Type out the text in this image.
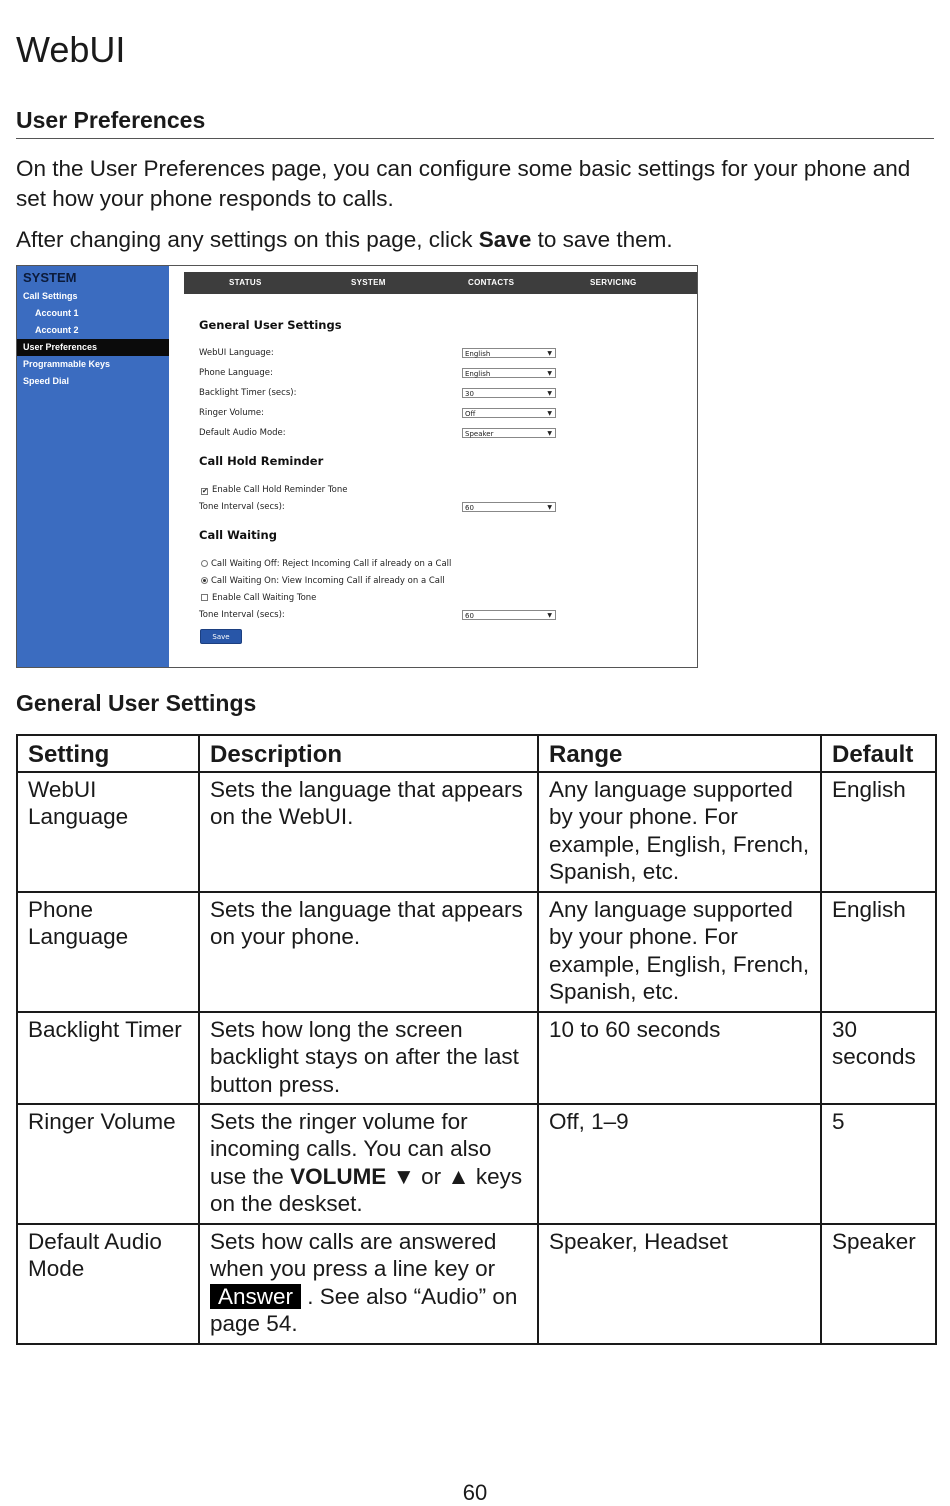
WebUI
User Preferences

On the User Preferences page, you can configure some basic settings for your phone and set how your phone responds to calls.

After changing any settings on this page, click Save to save them.

SYSTEM
Call Settings
Account 1
Account 2
User Preferences
Programmable Keys
Speed Dial
STATUS	SYSTEM	CONTACTS	SERVICING
General User Settings
WebUI Language:	English	▼
Phone Language:	English	▼
Backlight Timer (secs):	30	▼
Ringer Volume:	Off	▼
Default Audio Mode:	Speaker	▼
Call Hold Reminder
✔ Enable Call Hold Reminder Tone
Tone Interval (secs):	60	▼
Call Waiting
Call Waiting Off: Reject Incoming Call if already on a Call
Call Waiting On: View Incoming Call if already on a Call
Enable Call Waiting Tone
Tone Interval (secs):	60	▼
Save
General User Settings
Setting	Description	Range	Default
WebUI Language	Sets the language that appears on the WebUI.	Any language supported by your phone. For example, English, French, Spanish, etc.	English
Phone Language	Sets the language that appears on your phone.	Any language supported by your phone. For example, English, French, Spanish, etc.	English
Backlight Timer	Sets how long the screen backlight stays on after the last button press.	10 to 60 seconds	30 seconds
Ringer Volume	Sets the ringer volume for incoming calls. You can also use the VOLUME ▼ or ▲ keys on the deskset.	Off, 1–9	5
Default Audio Mode	Sets how calls are answered when you press a line key or Answer . See also “Audio” on page 54.	Speaker, Headset	Speaker
60
